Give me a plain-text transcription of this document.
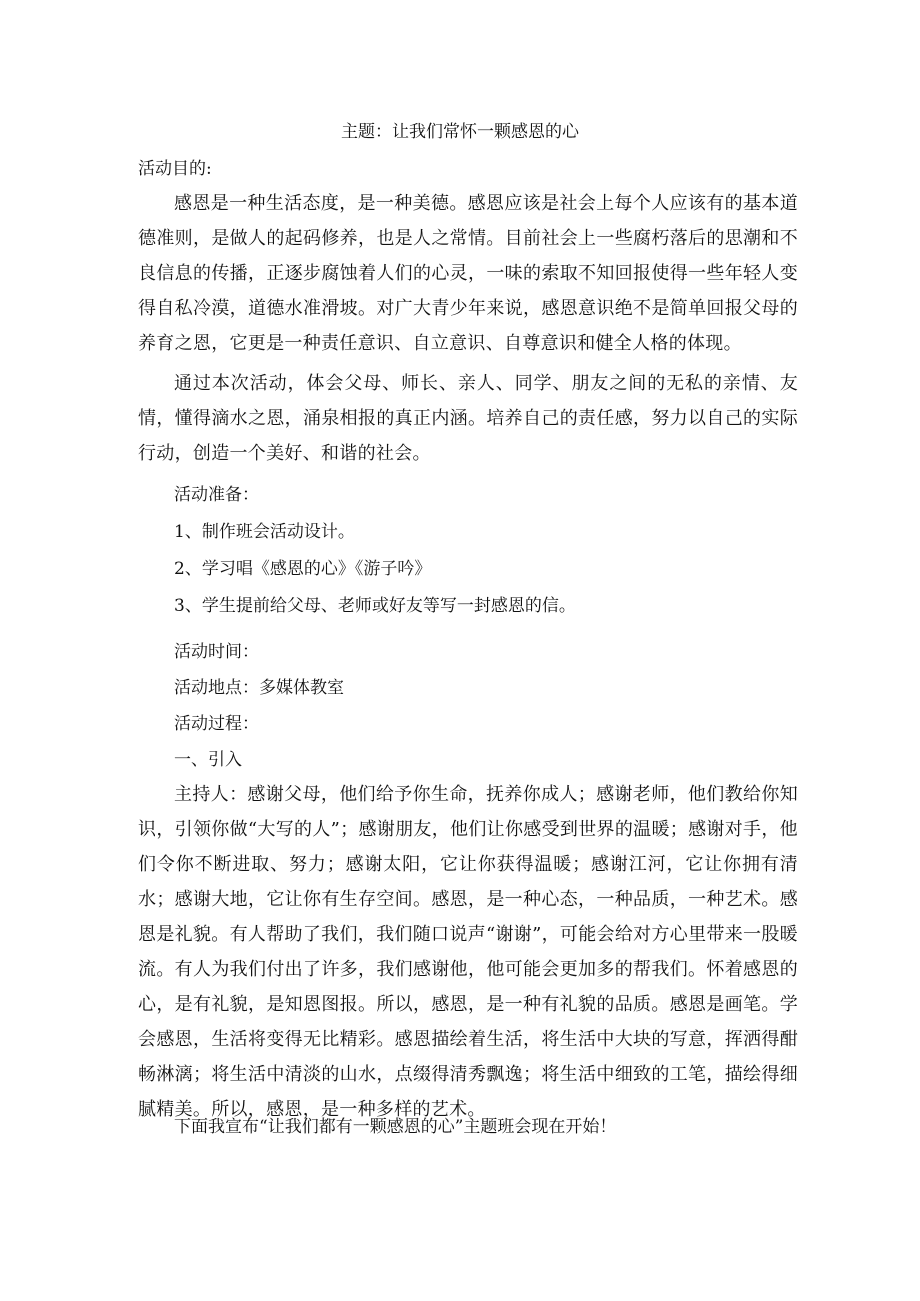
主题：让我们常怀一颗感恩的心

活动目的:

感恩是一种生活态度，是一种美德。感恩应该是社会上每个人应该有的基本道德准则，是做人的起码修养，也是人之常情。目前社会上一些腐朽落后的思潮和不良信息的传播，正逐步腐蚀着人们的心灵，一味的索取不知回报使得一些年轻人变得自私冷漠，道德水准滑坡。对广大青少年来说，感恩意识绝不是简单回报父母的养育之恩，它更是一种责任意识、自立意识、自尊意识和健全人格的体现。

通过本次活动，体会父母、师长、亲人、同学、朋友之间的无私的亲情、友情，懂得滴水之恩，涌泉相报的真正内涵。培养自己的责任感，努力以自己的实际行动，创造一个美好、和谐的社会。

活动准备：

1、制作班会活动设计。

2、学习唱《感恩的心》《游子吟》

3、学生提前给父母、老师或好友等写一封感恩的信。

活动时间：

活动地点：多媒体教室

活动过程：

一、引入

主持人：感谢父母，他们给予你生命，抚养你成人；感谢老师，他们教给你知识，引领你做“大写的人”；感谢朋友，他们让你感受到世界的温暖；感谢对手，他们令你不断进取、努力；感谢太阳，它让你获得温暖；感谢江河，它让你拥有清水；感谢大地，它让你有生存空间。感恩，是一种心态，一种品质，一种艺术。感恩是礼貌。有人帮助了我们，我们随口说声“谢谢”，可能会给对方心里带来一股暖流。有人为我们付出了许多，我们感谢他，他可能会更加多的帮我们。怀着感恩的心，是有礼貌，是知恩图报。所以，感恩，是一种有礼貌的品质。感恩是画笔。学会感恩，生活将变得无比精彩。感恩描绘着生活，将生活中大块的写意，挥洒得酣畅淋漓；将生活中清淡的山水，点缀得清秀飘逸；将生活中细致的工笔，描绘得细腻精美。所以，感恩，是一种多样的艺术。

下面我宣布“让我们都有一颗感恩的心”主题班会现在开始！
